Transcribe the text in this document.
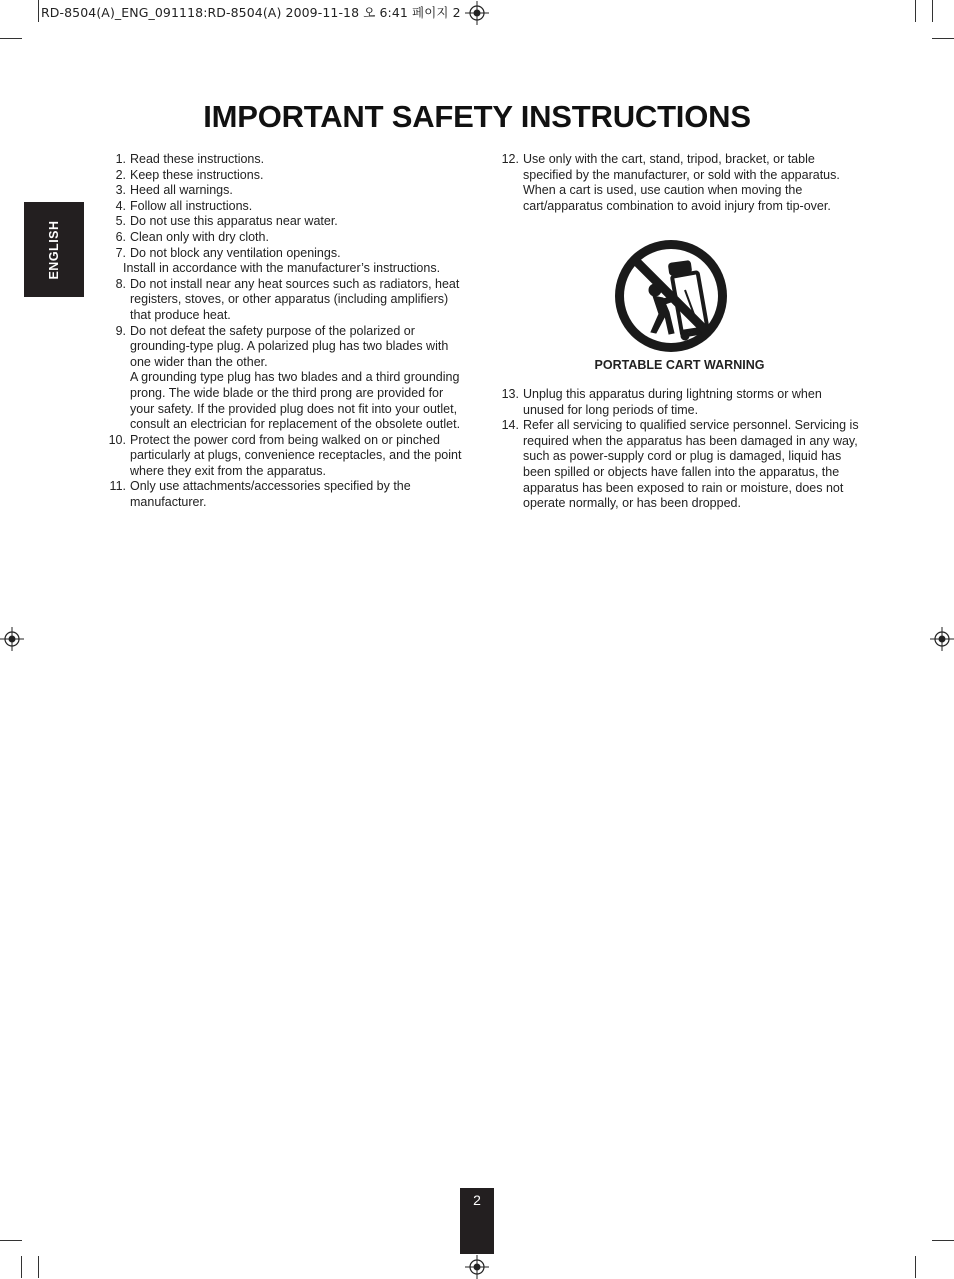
RD-8504(A)_ENG_091118:RD-8504(A) 2009-11-18 오 6:41 페이지 2
IMPORTANT SAFETY INSTRUCTIONS
ENGLISH
1. Read these instructions.
2. Keep these instructions.
3. Heed all warnings.
4. Follow all instructions.
5. Do not use this apparatus near water.
6. Clean only with dry cloth.
7. Do not block any ventilation openings.
Install in accordance with the manufacturer’s instructions.
8. Do not install near any heat sources such as radiators, heat registers, stoves, or other apparatus (including amplifiers) that produce heat.
9. Do not defeat the safety purpose of the polarized or grounding-type plug. A polarized plug has two blades with one wider than the other.
A grounding type plug has two blades and a third grounding prong. The wide blade or the third prong are provided for your safety. If the provided plug does not fit into your outlet, consult an electrician for replacement of the obsolete outlet.
10. Protect the power cord from being walked on or pinched particularly at plugs, convenience receptacles, and the point where they exit from the apparatus.
11. Only use attachments/accessories specified by the manufacturer.
12. Use only with the cart, stand, tripod, bracket, or table specified by the manufacturer, or sold with the apparatus.
When a cart is used, use caution when moving the cart/apparatus combination to avoid injury from tip-over.
PORTABLE CART WARNING
13. Unplug this apparatus during lightning storms or when unused for long periods of time.
14. Refer all servicing to qualified service personnel. Servicing is required when the apparatus has been damaged in any way, such as power-supply cord or plug is damaged, liquid has been spilled or objects have fallen into the apparatus, the apparatus has been exposed to rain or moisture, does not operate normally, or has been dropped.
2
